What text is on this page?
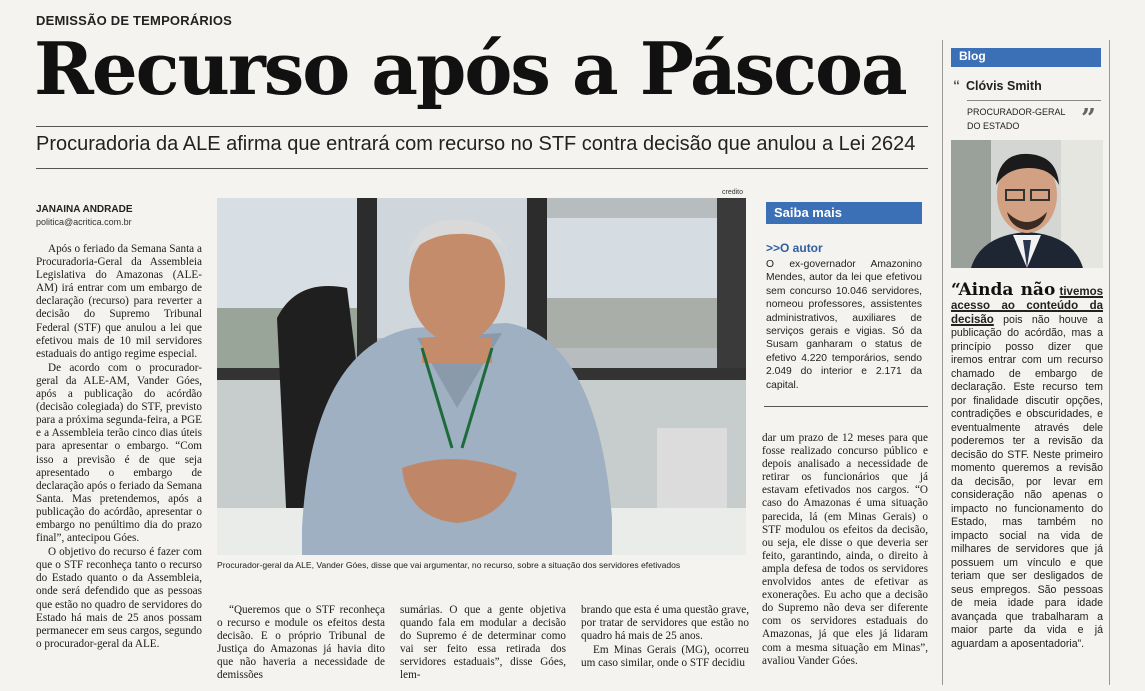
DEMISSÃO DE TEMPORÁRIOS
Recurso após a Páscoa
Procuradoria da ALE afirma que entrará com recurso no STF contra decisão que anulou a Lei 2624
JANAINA ANDRADE
politica@acritica.com.br

Após o feriado da Semana Santa a Procuradoria-Geral da Assembleia Legislativa do Amazonas (ALE-AM) irá entrar com um embargo de declaração (recurso) para reverter a decisão do Supremo Tribunal Federal (STF) que anulou a lei que efetivou mais de 10 mil servidores estaduais do antigo regime especial.

De acordo com o procurador-geral da ALE-AM, Vander Góes, após a publicação do acórdão (decisão colegiada) do STF, previsto para a próxima segunda-feira, a PGE e a Assembleia terão cinco dias úteis para apresentar o embargo. “Com isso a previsão é de que seja apresentado o embargo de declaração após o feriado da Semana Santa. Mas pretendemos, após a publicação do acórdão, apresentar o embargo no penúltimo dia do prazo final”, antecipou Góes.

O objetivo do recurso é fazer com que o STF reconheça tanto o recurso do Estado quanto o da Assembleia, onde será defendido que as pessoas que estão no quadro de servidores do Estado há mais de 25 anos possam permanecer em seus cargos, segundo o procurador-geral da ALE.

credito
Procurador-geral da ALE, Vander Góes, disse que vai argumentar, no recurso, sobre a situação dos servidores efetivados
Saiba mais
>>O autor
O ex-governador Amazonino Mendes, autor da lei que efetivou sem concurso 10.046 servidores, nomeou professores, assistentes administrativos, auxiliares de serviços gerais e vigias. Só da Susam ganharam o status de efetivo 4.220 temporários, sendo 2.049 do interior e 2.171 da capital.

“Queremos que o STF reconheça o recurso e module os efeitos desta decisão. E o próprio Tribunal de Justiça do Amazonas já havia dito que não haveria a necessidade de demissões

sumárias. O que a gente objetiva quando fala em modular a decisão do Supremo é de determinar como vai ser feito essa retirada dos servidores estaduais”, disse Góes, lem-

brando que esta é uma questão grave, por tratar de servidores que estão no quadro há mais de 25 anos.

Em Minas Gerais (MG), ocorreu um caso similar, onde o STF decidiu

dar um prazo de 12 meses para que fosse realizado concurso público e depois analisado a necessidade de retirar os funcionários que já estavam efetivados nos cargos. “O caso do Amazonas é uma situação parecida, lá (em Minas Gerais) o STF modulou os efeitos da decisão, ou seja, ele disse o que deveria ser feito, garantindo, ainda, o direito à ampla defesa de todos os servidores envolvidos antes de efetivar as exonerações. Eu acho que a decisão do Supremo não deva ser diferente com os servidores estaduais do Amazonas, já que eles já lidaram com a mesma situação em Minas”, avaliou Vander Góes.

Blog
“ Clóvis Smith
PROCURADOR-GERAL DO ESTADO	”
“Ainda não tivemos acesso ao conteúdo da decisão pois não houve a publicação do acórdão, mas a princípio posso dizer que iremos entrar com um recurso chamado de embargo de declaração. Este recurso tem por finalidade discutir opções, contradições e obscuridades, e eventualmente através dele poderemos ter a revisão da decisão do STF. Neste primeiro momento queremos a revisão da decisão, por levar em consideração não apenas o impacto no funcionamento do Estado, mas também no impacto social na vida de milhares de servidores que já possuem um vínculo e que teriam que ser desligados de seus empregos. São pessoas de meia idade para idade avançada que trabalharam a maior parte da vida e já aguardam a aposentadoria”.
